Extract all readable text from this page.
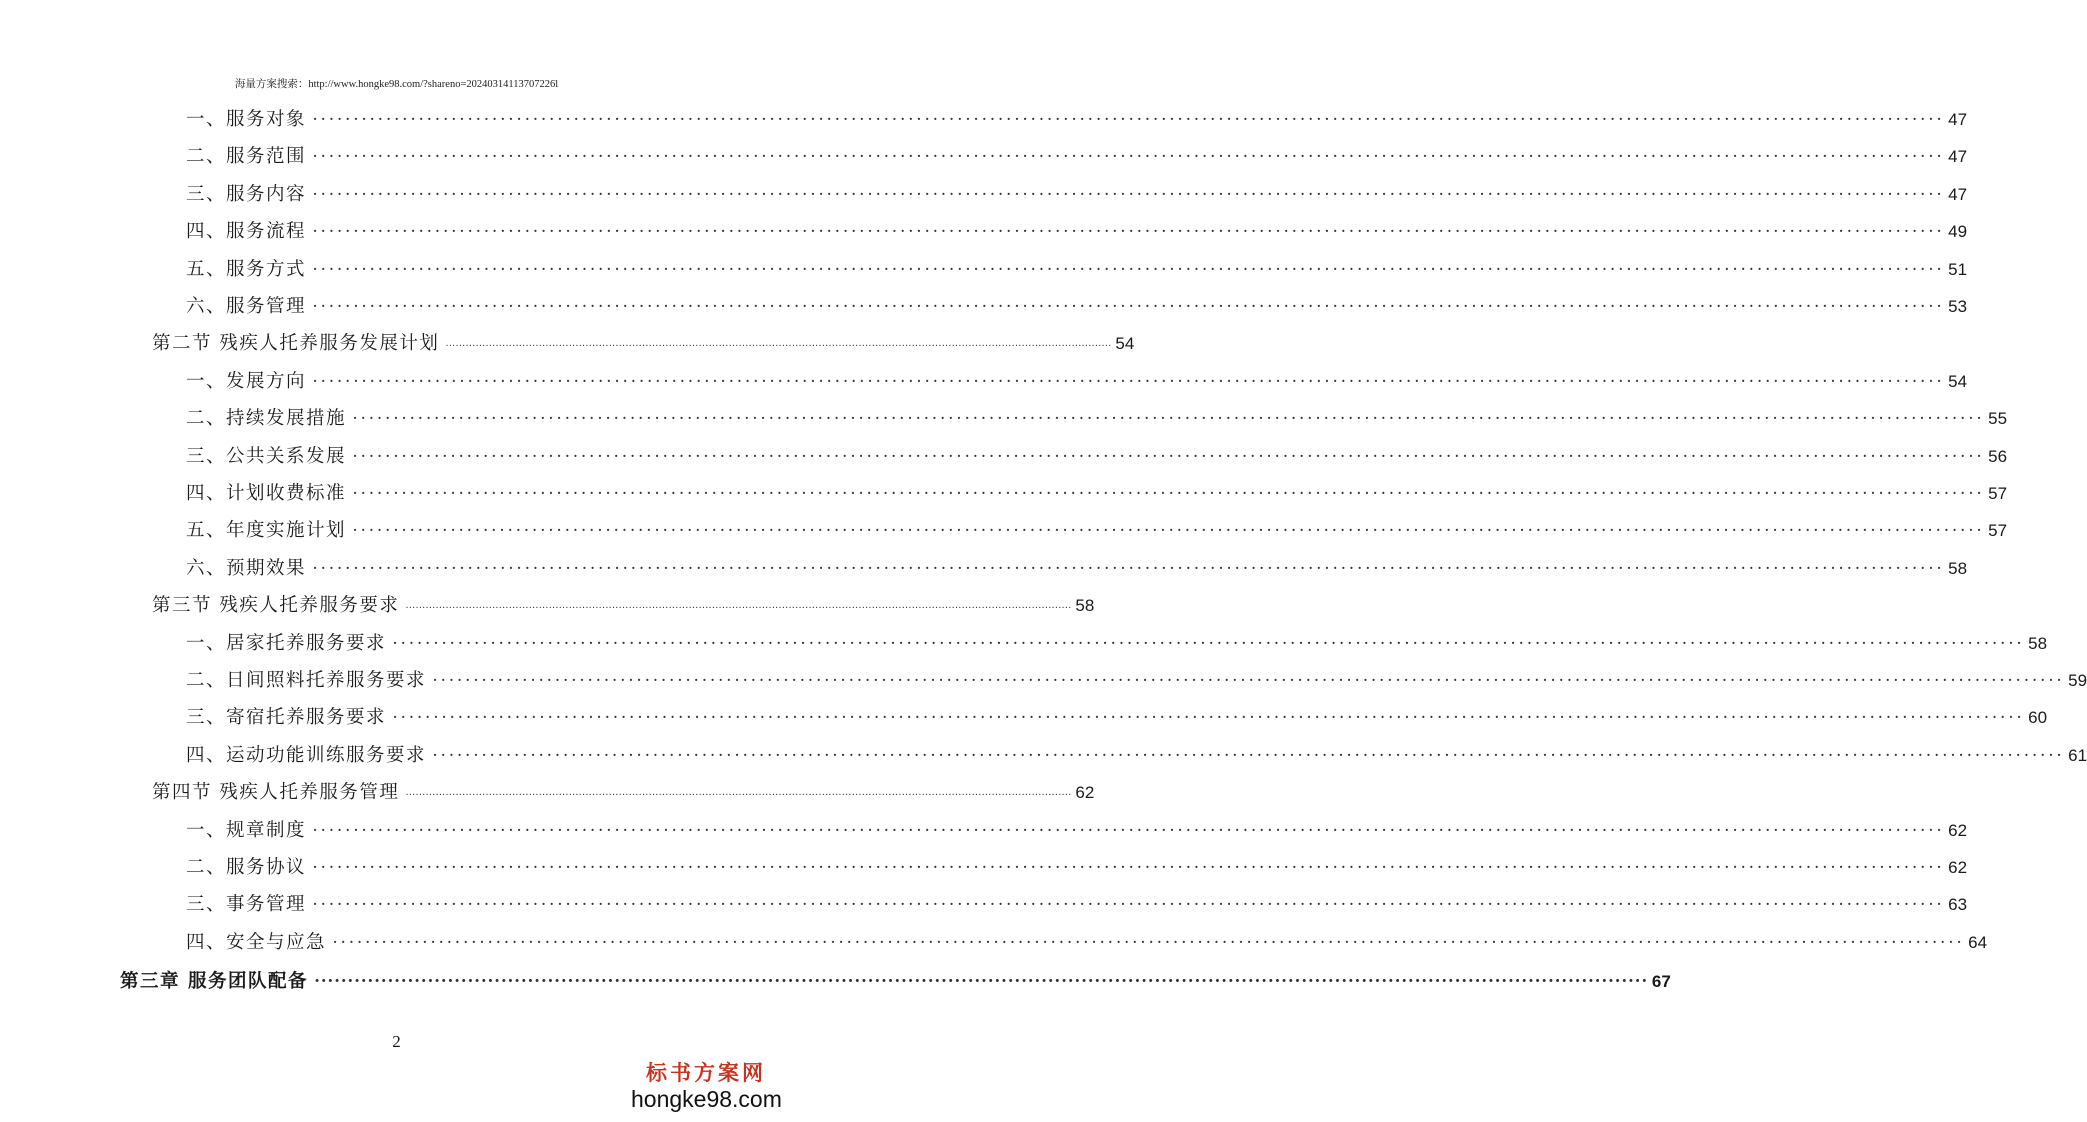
海量方案搜索：http://www.hongke98.com/?shareno=20240314113707226l
一、服务对象 ········································································································································································································ 47
二、服务范围 ········································································································································································································ 47
三、服务内容 ········································································································································································································ 47
四、服务流程 ········································································································································································································ 49
五、服务方式 ········································································································································································································ 51
六、服务管理 ········································································································································································································ 53
第二节 残疾人托养服务发展计划 ········································································································································································································ 54
一、发展方向 ········································································································································································································ 54
二、持续发展措施 ········································································································································································································ 55
三、公共关系发展 ········································································································································································································ 56
四、计划收费标准 ········································································································································································································ 57
五、年度实施计划 ········································································································································································································ 57
六、预期效果 ········································································································································································································ 58
第三节 残疾人托养服务要求 ········································································································································································································ 58
一、居家托养服务要求 ········································································································································································································ 58
二、日间照料托养服务要求 ········································································································································································································ 59
三、寄宿托养服务要求 ········································································································································································································ 60
四、运动功能训练服务要求 ········································································································································································································ 61
第四节 残疾人托养服务管理 ········································································································································································································ 62
一、规章制度 ········································································································································································································ 62
二、服务协议 ········································································································································································································ 62
三、事务管理 ········································································································································································································ 63
四、安全与应急 ········································································································································································································ 64
第三章 服务团队配备 ········································································································································································································ 67
2
标书方案网
hongke98.com
